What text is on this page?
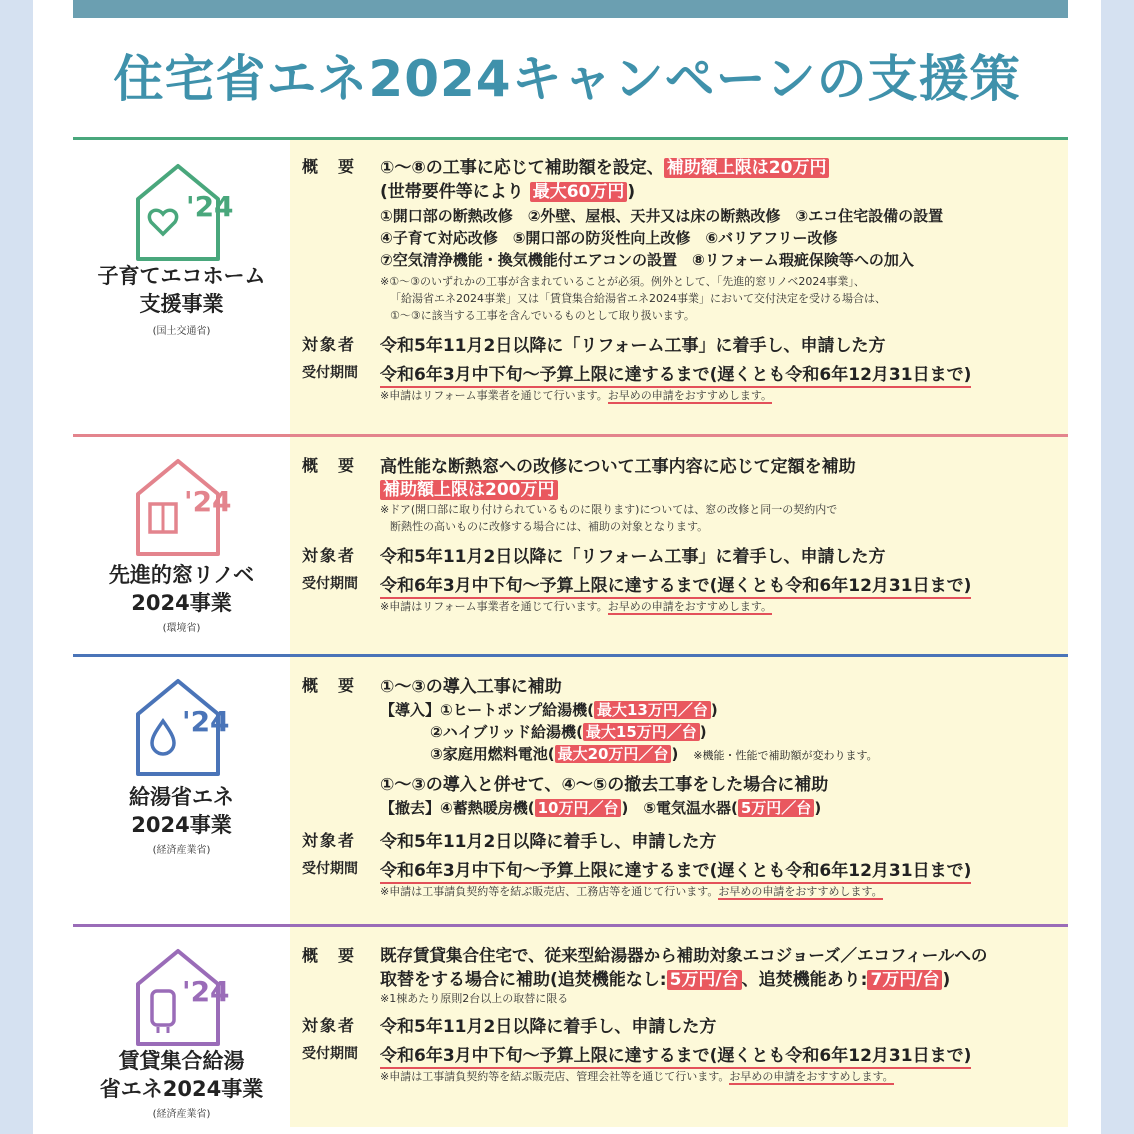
住宅省エネ2024キャンペーンの支援策
'24
子育てエコホーム
支援事業
(国土交通省)
概　要	①〜⑧の工事に応じて補助額を設定、 補助額上限は20万円
(世帯要件等により 最大60万円 )
①開口部の断熱改修　②外壁、屋根、天井又は床の断熱改修　③エコ住宅設備の設置
④子育て対応改修　⑤開口部の防災性向上改修　⑥バリアフリー改修
⑦空気清浄機能・換気機能付エアコンの設置　⑧リフォーム瑕疵保険等への加入
※①〜③のいずれかの工事が含まれていることが必須。例外として、「先進的窓リノベ2024事業」、
「給湯省エネ2024事業」又は「賃貸集合給湯省エネ2024事業」において交付決定を受ける場合は、
①〜③に該当する工事を含んでいるものとして取り扱います。
対象者	令和5年11月2日以降に「リフォーム工事」に着手し、申請した方
受付期間	令和6年3月中下旬〜予算上限に達するまで(遅くとも令和6年12月31日まで)
※申請はリフォーム事業者を通じて行います。お早めの申請をおすすめします。
'24
先進的窓リノベ
2024事業
(環境省)
概　要	高性能な断熱窓への改修について工事内容に応じて定額を補助
補助額上限は200万円
※ドア(開口部に取り付けられているものに限ります)については、窓の改修と同一の契約内で
断熱性の高いものに改修する場合には、補助の対象となります。
対象者	令和5年11月2日以降に「リフォーム工事」に着手し、申請した方
受付期間	令和6年3月中下旬〜予算上限に達するまで(遅くとも令和6年12月31日まで)
※申請はリフォーム事業者を通じて行います。お早めの申請をおすすめします。
'24
給湯省エネ
2024事業
(経済産業省)
概　要	①〜③の導入工事に補助
【導入】①ヒートポンプ給湯機( 最大13万円／台 )
②ハイブリッド給湯機( 最大15万円／台 )
③家庭用燃料電池( 最大20万円／台 )　※機能・性能で補助額が変わります。
①〜③の導入と併せて、④〜⑤の撤去工事をした場合に補助
【撤去】④蓄熱暖房機( 10万円／台 )　⑤電気温水器( 5万円／台 )
対象者	令和5年11月2日以降に着手し、申請した方
受付期間	令和6年3月中下旬〜予算上限に達するまで(遅くとも令和6年12月31日まで)
※申請は工事請負契約等を結ぶ販売店、工務店等を通じて行います。お早めの申請をおすすめします。
'24
賃貸集合給湯
省エネ2024事業
(経済産業省)
概　要	既存賃貸集合住宅で、従来型給湯器から補助対象エコジョーズ／エコフィールへの
取替をする場合に補助(追焚機能なし: 5万円/台 、追焚機能あり: 7万円/台 )
※1棟あたり原則2台以上の取替に限る
対象者	令和5年11月2日以降に着手し、申請した方
受付期間	令和6年3月中下旬〜予算上限に達するまで(遅くとも令和6年12月31日まで)
※申請は工事請負契約等を結ぶ販売店、管理会社等を通じて行います。お早めの申請をおすすめします。
